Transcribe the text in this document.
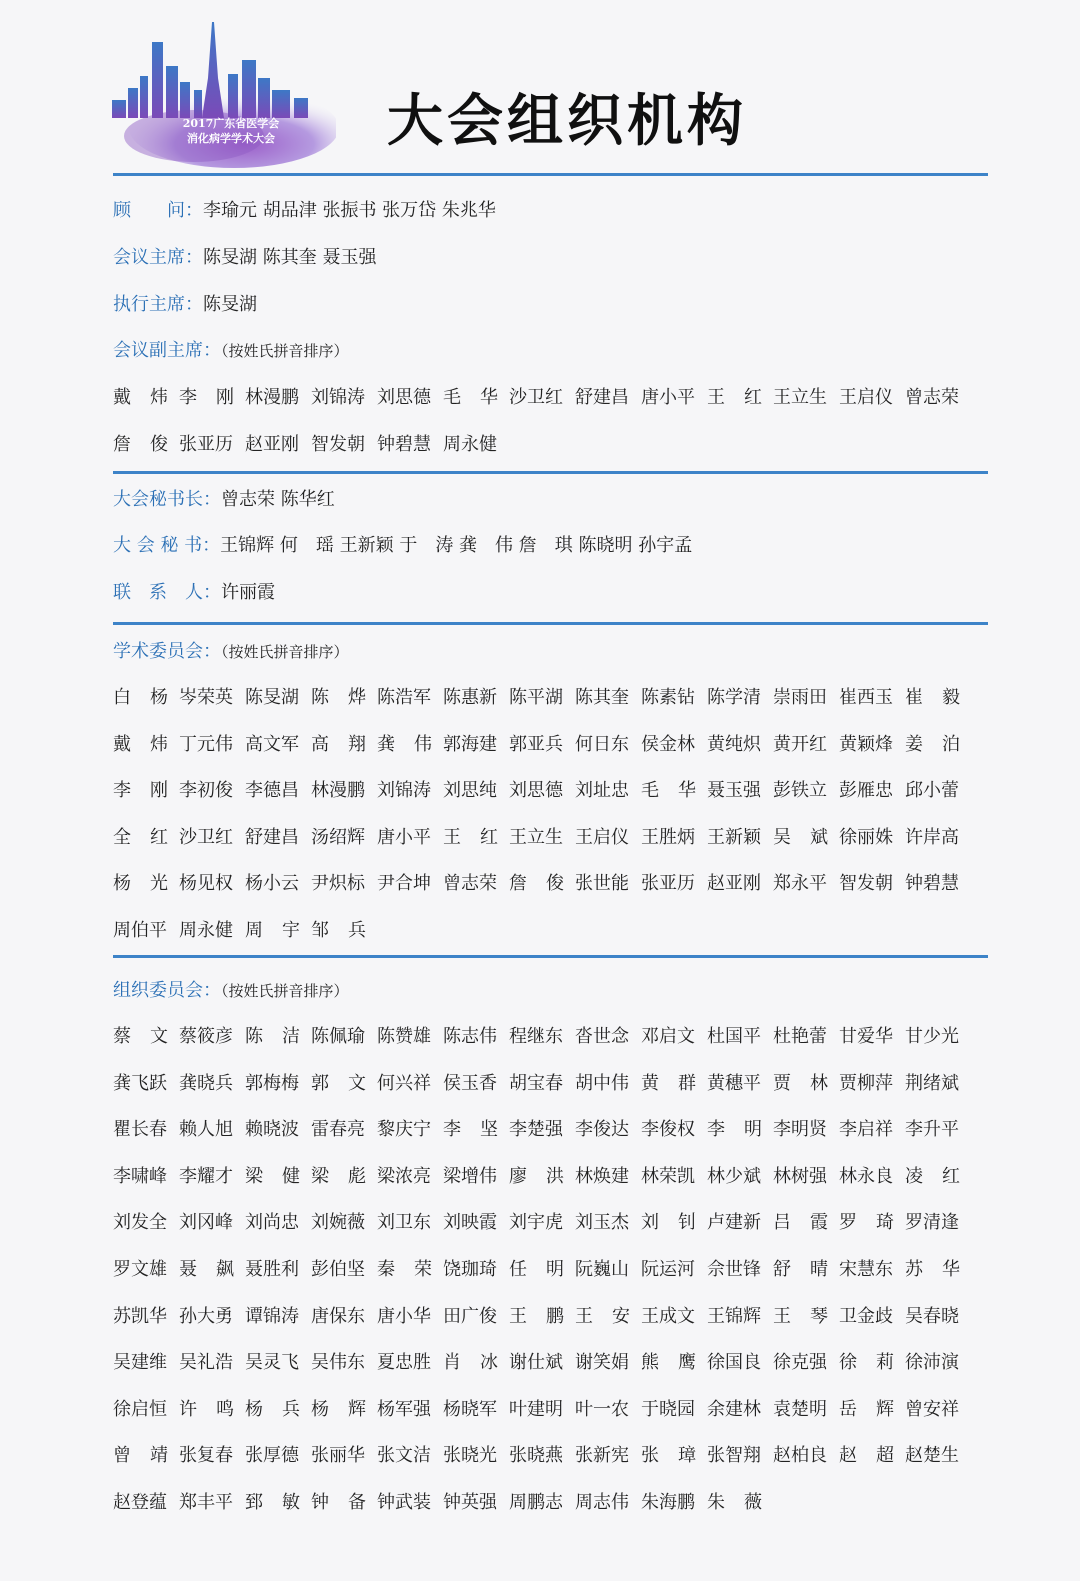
2017广东省医学会
消化病学学术大会	大会组织机构
顾　　问：李瑜元 胡品津 张振书 张万岱 朱兆华
会议主席：陈旻湖 陈其奎 聂玉强
执行主席：陈旻湖
会议副主席：（按姓氏拼音排序）
戴 炜 李 刚 林漫鹏 刘锦涛 刘思德 毛 华 沙卫红 舒建昌 唐小平 王 红 王立生 王启仪 曾志荣
詹 俊 张亚历 赵亚刚 智发朝 钟碧慧 周永健
大会秘书长：曾志荣 陈华红
大 会 秘 书：王锦辉 何　瑶 王新颖 于　涛 龚　伟 詹　琪 陈晓明 孙宇孟
联　系　人：许丽霞
学术委员会：（按姓氏拼音排序）
白 杨 岑荣英 陈旻湖 陈 烨 陈浩军 陈惠新 陈平湖 陈其奎 陈素钻 陈学清 崇雨田 崔西玉 崔 毅
戴 炜 丁元伟 高文军 高 翔 龚 伟 郭海建 郭亚兵 何日东 侯金林 黄纯炽 黄开红 黄颖烽 姜 泊
李 刚 李初俊 李德昌 林漫鹏 刘锦涛 刘思纯 刘思德 刘址忠 毛 华 聂玉强 彭铁立 彭雁忠 邱小蕾
全 红 沙卫红 舒建昌 汤绍辉 唐小平 王 红 王立生 王启仪 王胜炳 王新颖 吴 斌 徐丽姝 许岸高
杨 光 杨见权 杨小云 尹炽标 尹合坤 曾志荣 詹 俊 张世能 张亚历 赵亚刚 郑永平 智发朝 钟碧慧
周伯平 周永健 周 宇 邹 兵
组织委员会：（按姓氏拼音排序）
蔡 文 蔡筱彦 陈 洁 陈佩瑜 陈赞雄 陈志伟 程继东 沓世念 邓启文 杜国平 杜艳蕾 甘爱华 甘少光
龚飞跃 龚晓兵 郭梅梅 郭 文 何兴祥 侯玉香 胡宝春 胡中伟 黄 群 黄穗平 贾 林 贾柳萍 荆绪斌
瞿长春 赖人旭 赖晓波 雷春亮 黎庆宁 李 坚 李楚强 李俊达 李俊权 李 明 李明贤 李启祥 李升平
李啸峰 李耀才 梁 健 梁 彪 梁浓亮 梁增伟 廖 洪 林焕建 林荣凯 林少斌 林树强 林永良 凌 红
刘发全 刘冈峰 刘尚忠 刘婉薇 刘卫东 刘映霞 刘宇虎 刘玉杰 刘 钊 卢建新 吕 霞 罗 琦 罗清逢
罗文雄 聂 飙 聂胜利 彭伯坚 秦 荣 饶珈琦 任 明 阮巍山 阮运河 佘世锋 舒 晴 宋慧东 苏 华
苏凯华 孙大勇 谭锦涛 唐保东 唐小华 田广俊 王 鹏 王 安 王成文 王锦辉 王 琴 卫金歧 吴春晓
吴建维 吴礼浩 吴灵飞 吴伟东 夏忠胜 肖 冰 谢仕斌 谢笑娟 熊 鹰 徐国良 徐克强 徐 莉 徐沛演
徐启恒 许 鸣 杨 兵 杨 辉 杨军强 杨晓军 叶建明 叶一农 于晓园 余建林 袁楚明 岳 辉 曾安祥
曾 靖 张复春 张厚德 张丽华 张文洁 张晓光 张晓燕 张新宪 张 璋 张智翔 赵柏良 赵 超 赵楚生
赵登蕴 郑丰平 郅 敏 钟 备 钟武装 钟英强 周鹏志 周志伟 朱海鹏 朱 薇
